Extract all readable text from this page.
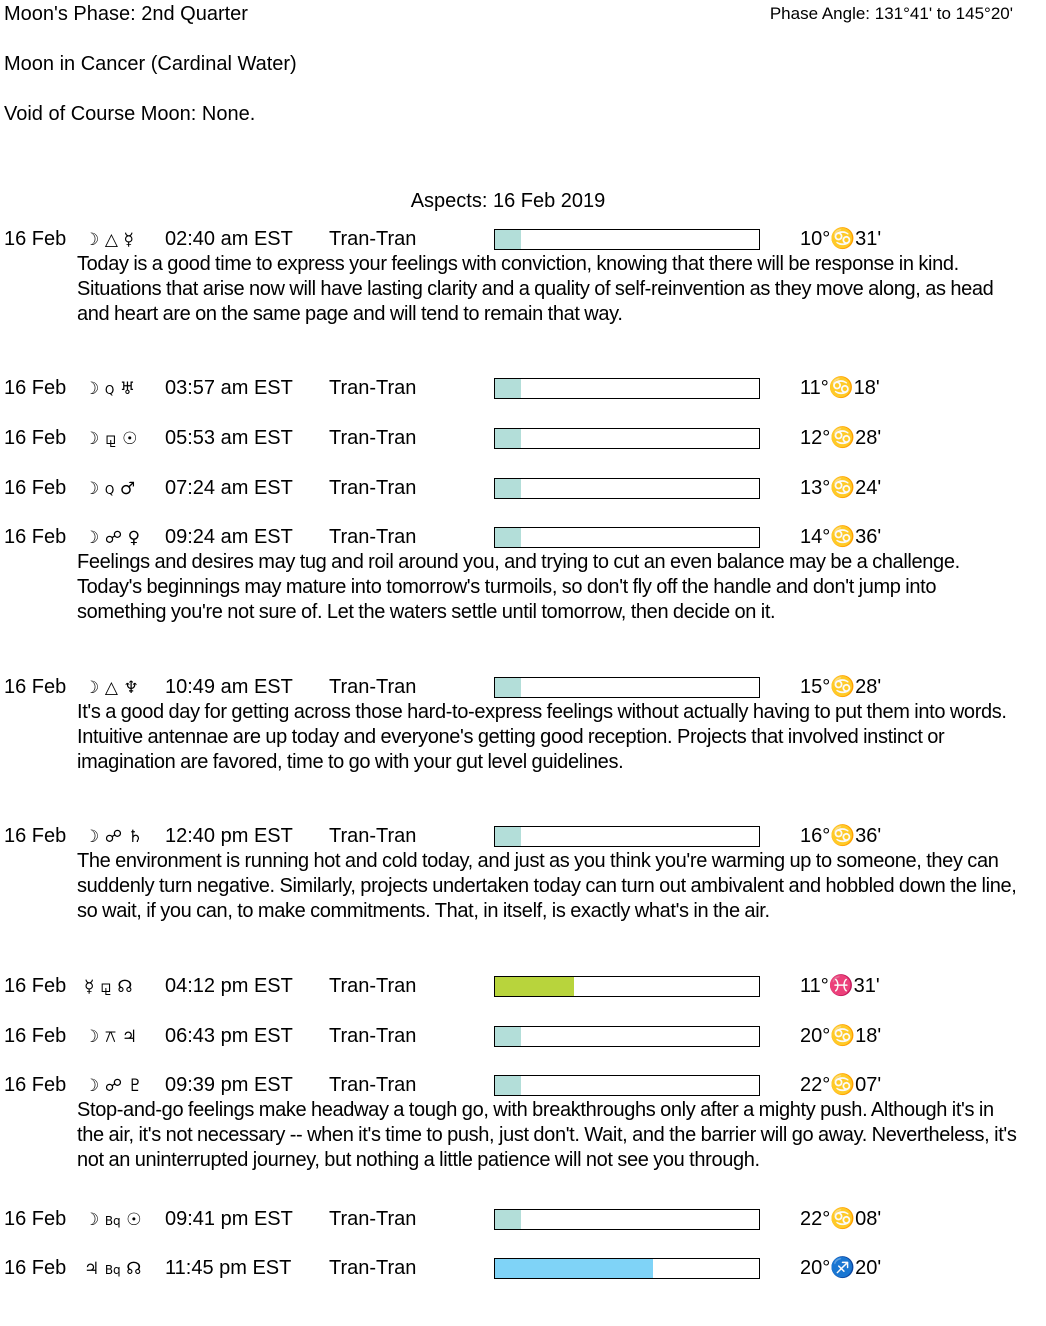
Moon's Phase: 2nd Quarter	Phase Angle: 131°41' to 145°20'
Moon in Cancer (Cardinal Water)
Void of Course Moon: None.
Aspects: 16 Feb 2019
16 Feb ☽ △ ☿ 02:40 am EST Tran-Tran	10°♋31'
Today is a good time to express your feelings with conviction, knowing that there will be response in kind. Situations that arise now will have lasting clarity and a quality of self-reinvention as they move along, as head and heart are on the same page and will tend to remain that way.
16 Feb ☽ Q ♅ 03:57 am EST Tran-Tran	11°♋18'
16 Feb ☽ ⚼ ☉ 05:53 am EST Tran-Tran	12°♋28'
16 Feb ☽ Q ♂ 07:24 am EST Tran-Tran	13°♋24'
16 Feb ☽ ☍ ♀ 09:24 am EST Tran-Tran	14°♋36'
Feelings and desires may tug and roil around you, and trying to cut an even balance may be a challenge. Today's beginnings may mature into tomorrow's turmoils, so don't fly off the handle and don't jump into something you're not sure of. Let the waters settle until tomorrow, then decide on it.
16 Feb ☽ △ ♆ 10:49 am EST Tran-Tran	15°♋28'
It's a good day for getting across those hard-to-express feelings without actually having to put them into words. Intuitive antennae are up today and everyone's getting good reception. Projects that involved instinct or imagination are favored, time to go with your gut level guidelines.
16 Feb ☽ ☍ ♄ 12:40 pm EST Tran-Tran	16°♋36'
The environment is running hot and cold today, and just as you think you're warming up to someone, they can suddenly turn negative. Similarly, projects undertaken today can turn out ambivalent and hobbled down the line, so wait, if you can, to make commitments. That, in itself, is exactly what's in the air.
16 Feb ☿ ⚼ ☊ 04:12 pm EST Tran-Tran	11°♓31'
16 Feb ☽ ⚻ ♃ 06:43 pm EST Tran-Tran	20°♋18'
16 Feb ☽ ☍ ♇ 09:39 pm EST Tran-Tran	22°♋07'
Stop-and-go feelings make headway a tough go, with breakthroughs only after a mighty push. Although it's in the air, it's not necessary -- when it's time to push, just don't. Wait, and the barrier will go away. Nevertheless, it's not an uninterrupted journey, but nothing a little patience will not see you through.
16 Feb ☽ Bq ☉ 09:41 pm EST Tran-Tran	22°♋08'
16 Feb ♃ Bq ☊ 11:45 pm EST Tran-Tran	20°♐20'
